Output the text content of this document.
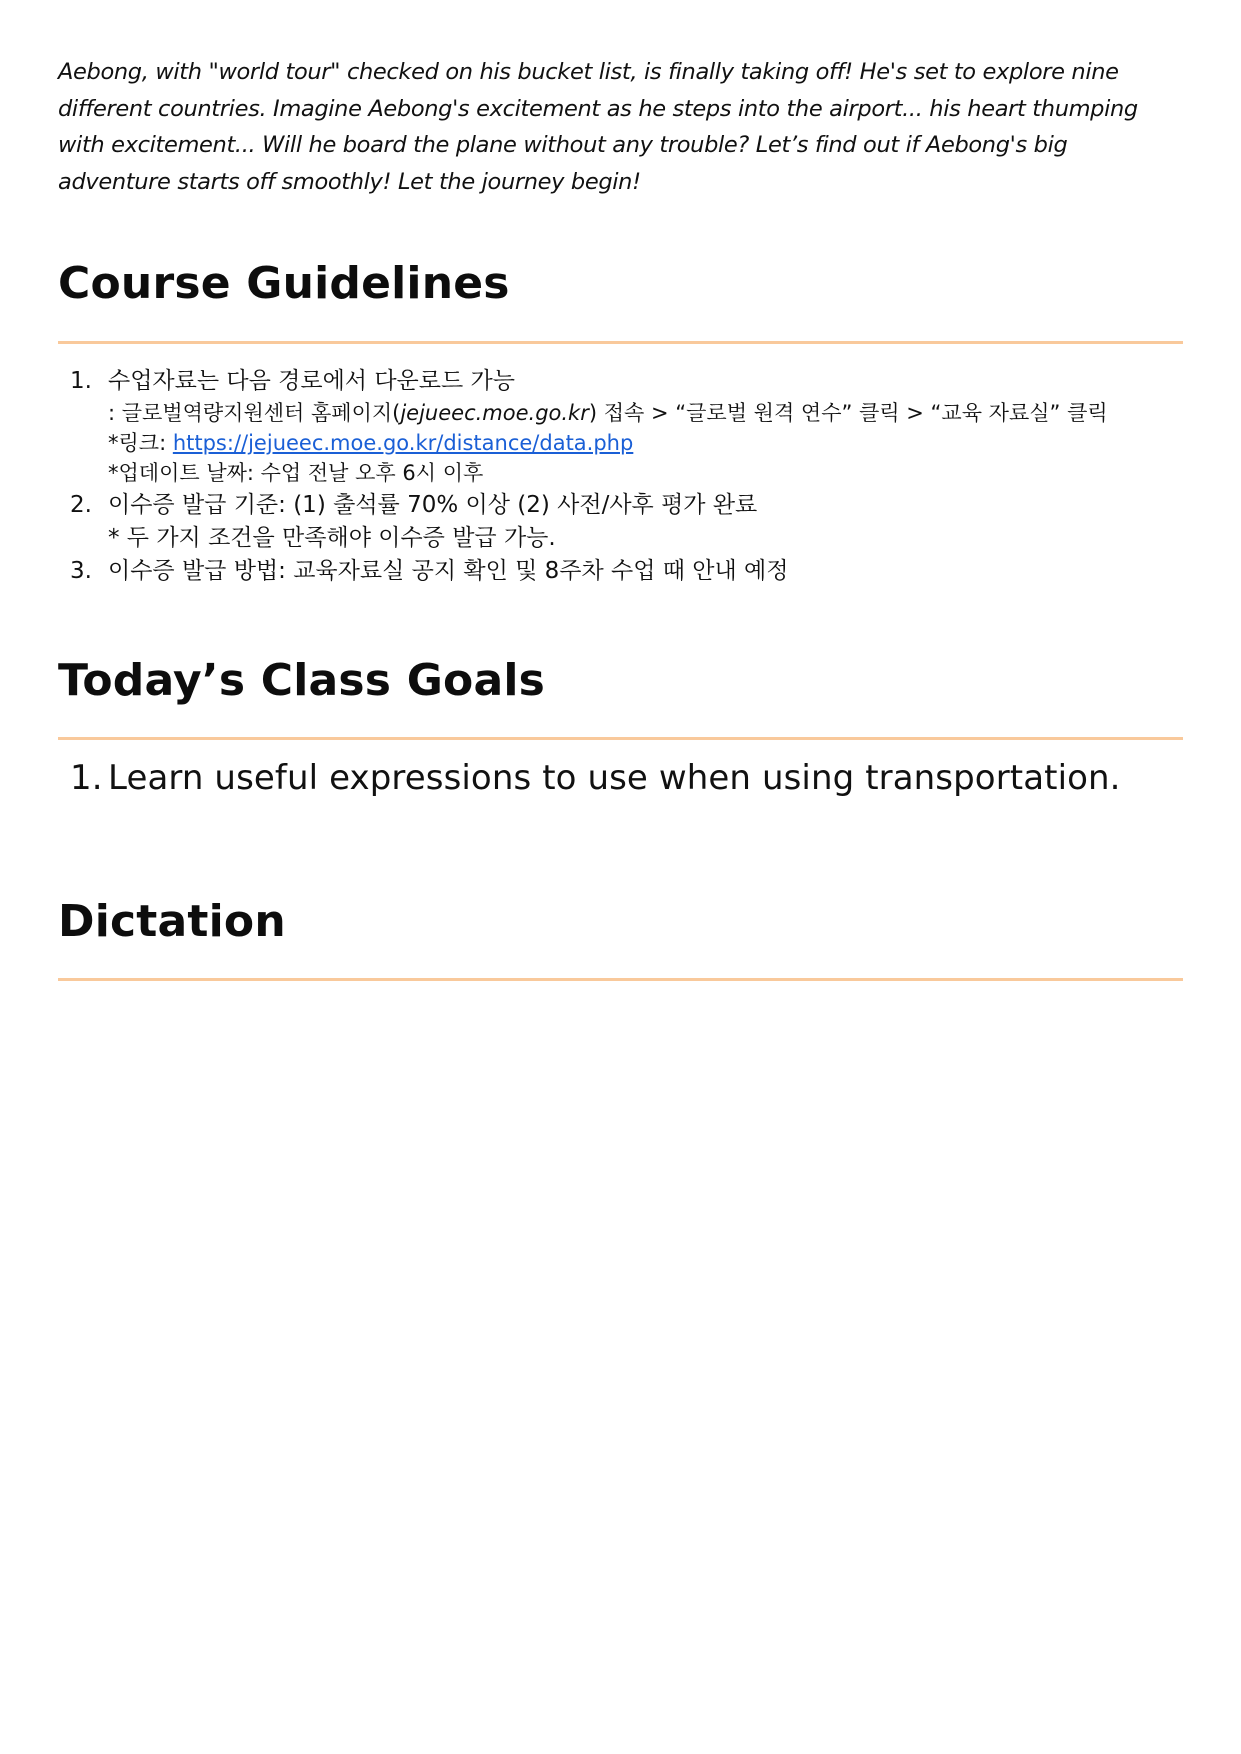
Aebong, with "world tour" checked on his bucket list, is finally taking off! He's set to explore nine different countries. Imagine Aebong's excitement as he steps into the airport... his heart thumping with excitement... Will he board the plane without any trouble? Let’s find out if Aebong's big adventure starts off smoothly! Let the journey begin!

Course Guidelines
1. 수업자료는 다음 경로에서 다운로드 가능
: 글로벌역량지원센터 홈페이지(jejueec.moe.go.kr) 접속 > “글로벌 원격 연수” 클릭 > “교육 자료실” 클릭
*링크: https://jejueec.moe.go.kr/distance/data.php
*업데이트 날짜: 수업 전날 오후 6시 이후
2. 이수증 발급 기준: (1) 출석률 70% 이상 (2) 사전/사후 평가 완료
* 두 가지 조건을 만족해야 이수증 발급 가능.
3. 이수증 발급 방법: 교육자료실 공지 확인 및 8주차 수업 때 안내 예정
Today’s Class Goals
1. Learn useful expressions to use when using transportation.
Dictation
